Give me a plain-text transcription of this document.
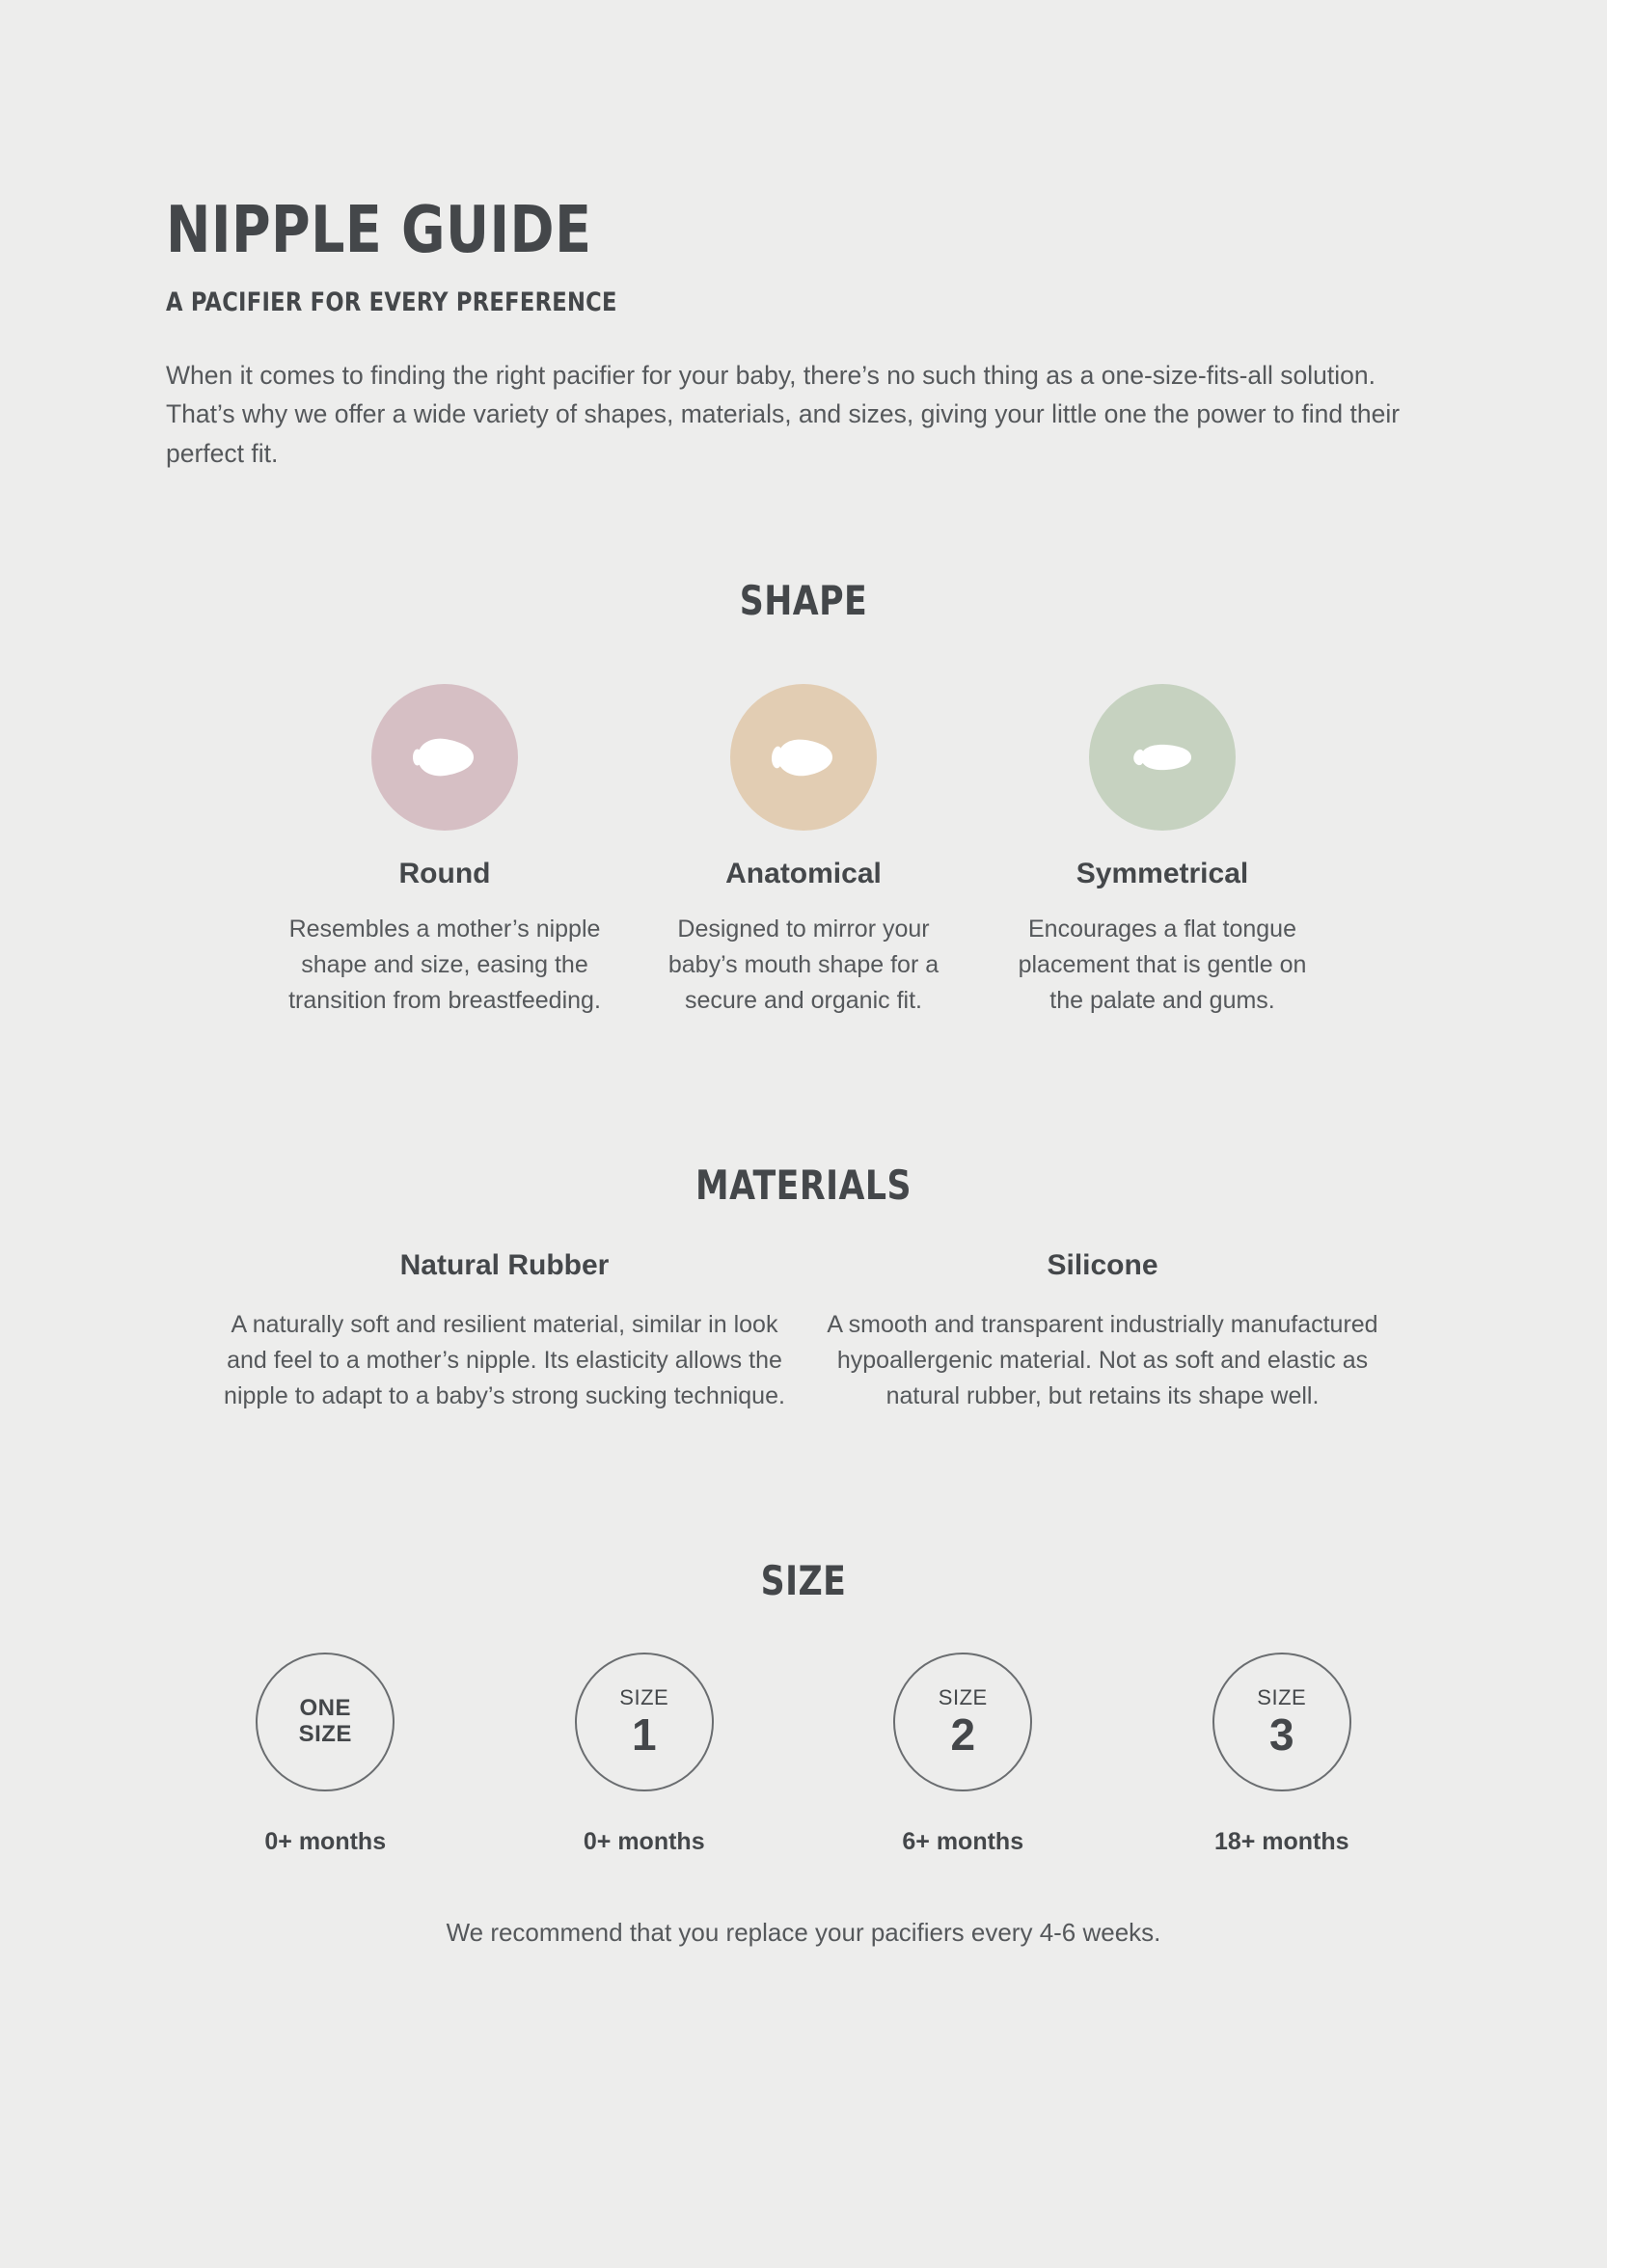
NIPPLE GUIDE
A PACIFIER FOR EVERY PREFERENCE

When it comes to finding the right pacifier for your baby, there’s no such thing as a one-size-fits-all solution. That’s why we offer a wide variety of shapes, materials, and sizes, giving your little one the power to find their perfect fit.

SHAPE
Round
Resembles a mother’s nipple shape and size, easing the transition from breastfeeding.
Anatomical
Designed to mirror your baby’s mouth shape for a secure and organic fit.
Symmetrical
Encourages a flat tongue placement that is gentle on the palate and gums.
MATERIALS
Natural Rubber
A naturally soft and resilient material, similar in look and feel to a mother’s nipple. Its elasticity allows the nipple to adapt to a baby’s strong sucking technique.
Silicone
A smooth and transparent industrially manufactured hypoallergenic material. Not as soft and elastic as natural rubber, but retains its shape well.
SIZE
ONE
SIZE
0+ months
SIZE
1
0+ months
SIZE
2
6+ months
SIZE
3
18+ months
We recommend that you replace your pacifiers every 4-6 weeks.
